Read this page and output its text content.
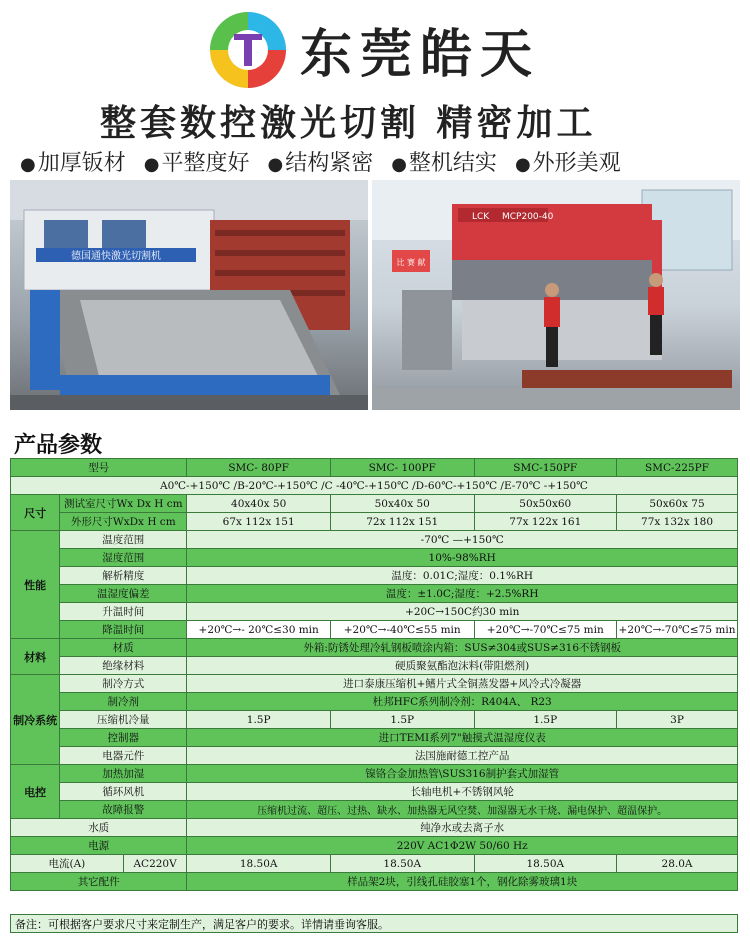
东莞皓天
整套数控激光切割 精密加工
●加厚钣材 ●平整度好 ●结构紧密 ●整机结实 ●外形美观
德国通快激光切割机
LCK MCP200-40
比 赛 献
产品参数
型号			SMC- 80PF	SMC- 100PF	SMC-150PF	SMC-225PF
A0℃-+150℃ /B-20℃-+150℃ /C -40℃-+150℃ /D-60℃-+150℃ /E-70℃ -+150℃						
尺寸	测试室尺寸Wx Dx H cm		40x40x 50	50x40x 50	50x50x60	50x60x 75
	外形尺寸WxDx H cm		67x 112x 151	72x 112x 151	77x 122x 161	77x 132x 180
性能	温度范围		-70℃ —+150℃			
	湿度范围		10%-98%RH			
	解析精度		温度：0.01C;湿度：0.1%RH			
	温湿度偏差		温度：±1.0C;湿度：+2.5%RH			
	升温时间		+20C→150C约30 min			
	降温时间		+20℃→- 20℃≤30 min	+20℃→-40℃≤55 min	+20℃→-70℃≤75 min	+20℃→-70℃≤75 min
材料	材质		外箱:防锈处理冷轧钢板喷涂内箱：SUS≠304或SUS≠316不锈钢板			
	绝缘材料		硬质聚氨酯泡沫料(带阻燃剂)			
制冷系统	制冷方式		进口泰康压缩机+鳍片式全铜蒸发器+风冷式冷凝器			
	制冷剂		杜邦HFC系列制冷剂：R404A、 R23			
	压缩机冷量		1.5P	1.5P	1.5P	3P
	控制器		进口TEMI系列7"触摸式温湿度仪表			
	电器元件		法国施耐德工控产品			
电控	加热加湿		镍铬合金加热管\SUS316制护套式加湿管			
	循环风机		长轴电机+不锈钢风轮			
	故障报警		压缩机过流、超压、过热、缺水、加热器无风空焚、加湿器无水干烧、漏电保护、超温保护。			
水质			纯净水或去离子水			
电源			220V AC1Φ2W 50/60 Hz			
电流(A)		AC220V	18.50A	18.50A	18.50A	28.0A
其它配件			样品架2块，引线孔硅胶塞1个，钢化除雾玻璃1块			
备注：可根据客户要求尺寸来定制生产，满足客户的要求。详情请垂询客服。
